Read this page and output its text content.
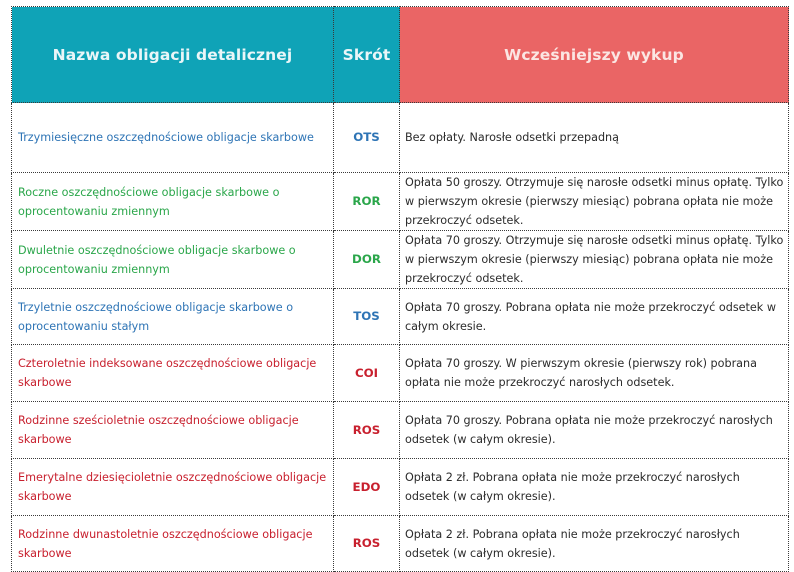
Nazwa obligacji detalicznej	Skrót	Wcześniejszy wykup
Trzymiesięczne oszczędnościowe obligacje skarbowe	OTS	Bez opłaty. Narosłe odsetki przepadną
Roczne oszczędnościowe obligacje skarbowe o oprocentowaniu zmiennym	ROR	Opłata 50 groszy. Otrzymuje się narosłe odsetki minus opłatę. Tylko w pierwszym okresie (pierwszy miesiąc) pobrana opłata nie może przekroczyć odsetek.
Dwuletnie oszczędnościowe obligacje skarbowe o oprocentowaniu zmiennym	DOR	Opłata 70 groszy. Otrzymuje się narosłe odsetki minus opłatę. Tylko w pierwszym okresie (pierwszy miesiąc) pobrana opłata nie może przekroczyć odsetek.
Trzyletnie oszczędnościowe obligacje skarbowe o oprocentowaniu stałym	TOS	Opłata 70 groszy. Pobrana opłata nie może przekroczyć odsetek w całym okresie.
Czteroletnie indeksowane oszczędnościowe obligacje skarbowe	COI	Opłata 70 groszy. W pierwszym okresie (pierwszy rok) pobrana opłata nie może przekroczyć narosłych odsetek.
Rodzinne sześcioletnie oszczędnościowe obligacje skarbowe	ROS	Opłata 70 groszy. Pobrana opłata nie może przekroczyć narosłych odsetek (w całym okresie).
Emerytalne dziesięcioletnie oszczędnościowe obligacje skarbowe	EDO	Opłata 2 zł. Pobrana opłata nie może przekroczyć narosłych odsetek (w całym okresie).
Rodzinne dwunastoletnie oszczędnościowe obligacje skarbowe	ROS	Opłata 2 zł. Pobrana opłata nie może przekroczyć narosłych odsetek (w całym okresie).
